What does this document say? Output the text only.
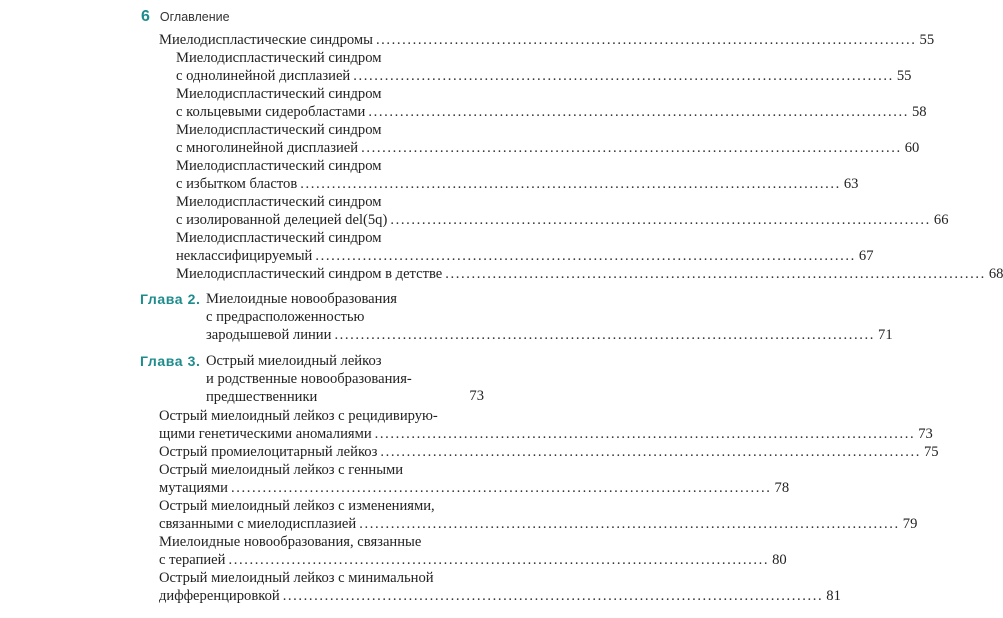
6 Оглавление
Миелодиспластические синдромы ....................................................................................................... 55
Миелодиспластический синдром
с однолинейной дисплазией ....................................................................................................... 55
Миелодиспластический синдром
с кольцевыми сидеробластами ....................................................................................................... 58
Миелодиспластический синдром
с многолинейной дисплазией ....................................................................................................... 60
Миелодиспластический синдром
с избытком бластов ....................................................................................................... 63
Миелодиспластический синдром
с изолированной делецией del(5q) ....................................................................................................... 66
Миелодиспластический синдром
неклассифицируемый ....................................................................................................... 67
Миелодиспластический синдром в детстве ....................................................................................................... 68
Глава 2. Миелоидные новообразования
с предрасположенностью
зародышевой линии ....................................................................................................... 71
Глава 3. Острый миелоидный лейкоз
и родственные новообразования-
предшественники	73
Острый миелоидный лейкоз с рецидивирую-
щими генетическими аномалиями ....................................................................................................... 73
Острый промиелоцитарный лейкоз ....................................................................................................... 75
Острый миелоидный лейкоз с генными
мутациями ....................................................................................................... 78
Острый миелоидный лейкоз с изменениями,
связанными с миелодисплазией ....................................................................................................... 79
Миелоидные новообразования, связанные
с терапией ....................................................................................................... 80
Острый миелоидный лейкоз с минимальной
дифференцировкой ....................................................................................................... 81
